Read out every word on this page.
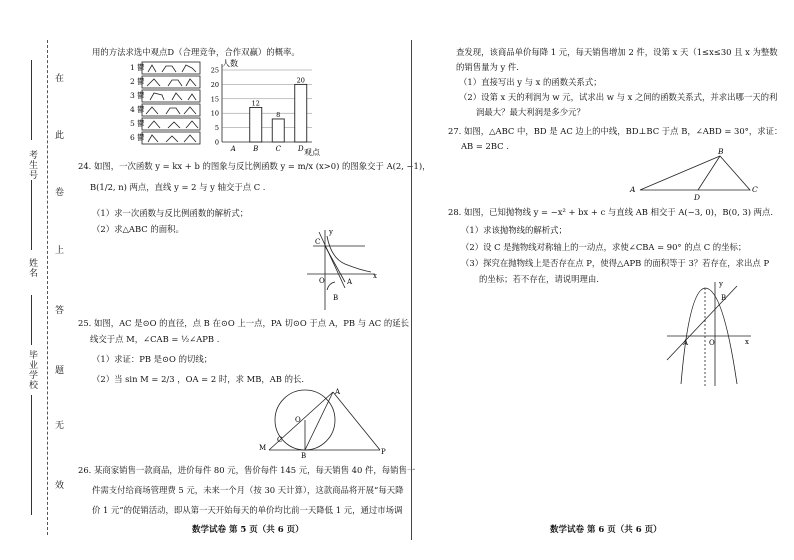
考生号
姓名
毕业学校
在
此
卷
上
答
题
无
效
用的方法求选中观点D（合理竞争，合作双赢）的概率。
1 鬱
2 鬱
3 鬱
4 鬱
5 鬱
6 鬱
人数
观点
25
20
15
10
5
0
A
12
B
8
C
20
D
24. 如图，一次函数 y = kx + b 的图象与反比例函数 y = m/x (x>0) 的图象交于 A(2, −1)，
B(1/2, n) 两点，直线 y = 2 与 y 轴交于点 C .
（1）求一次函数与反比例函数的解析式；
（2）求△ABC 的面积。
C
y
O	A
B
x
25. 如图，AC 是⊙O 的直径，点 B 在⊙O 上一点，PA 切⊙O 于点 A，PB 与 AC 的延长
线交于点 M，∠CAB = ½∠APB .
（1）求证：PB 是⊙O 的切线；
（2）当 sin M = 2/3 ，OA = 2 时，求 MB，AB 的长.
A
O
C
M
B	P
26. 某商家销售一款商品，进价每件 80 元，售价每件 145 元，每天销售 40 件，每销售一
件需支付给商场管理费 5 元，未来一个月（按 30 天计算），这款商品将开展“每天降
价 1 元”的促销活动，即从第一天开始每天的单价均比前一天降低 1 元，通过市场调
数学试卷 第 5 页（共 6 页）
查发现，该商品单价每降 1 元，每天销售增加 2 件，设第 x 天（1≤x≤30 且 x 为整数
的销售量为 y 件.
（1）直接写出 y 与 x 的函数关系式；
（2）设第 x 天的利润为 w 元，试求出 w 与 x 之间的函数关系式，并求出哪一天的利
润最大？最大利润是多少元？
27. 如图，△ABC 中，BD 是 AC 边上的中线，BD⊥BC 于点 B，∠ABD = 30°，求证：
AB = 2BC .
A
B
C
D
28. 如图，已知抛物线 y = −x² + bx + c 与直线 AB 相交于 A(−3, 0)，B(0, 3) 两点.
（1）求该抛物线的解析式；
（2）设 C 是抛物线对称轴上的一动点，求使∠CBA = 90° 的点 C 的坐标；
（3）探究在抛物线上是否存在点 P，使得△APB 的面积等于 3？若存在，求出点 P
的坐标；若不存在，请说明理由.	y
B
A	O	x
数学试卷 第 6 页（共 6 页）
